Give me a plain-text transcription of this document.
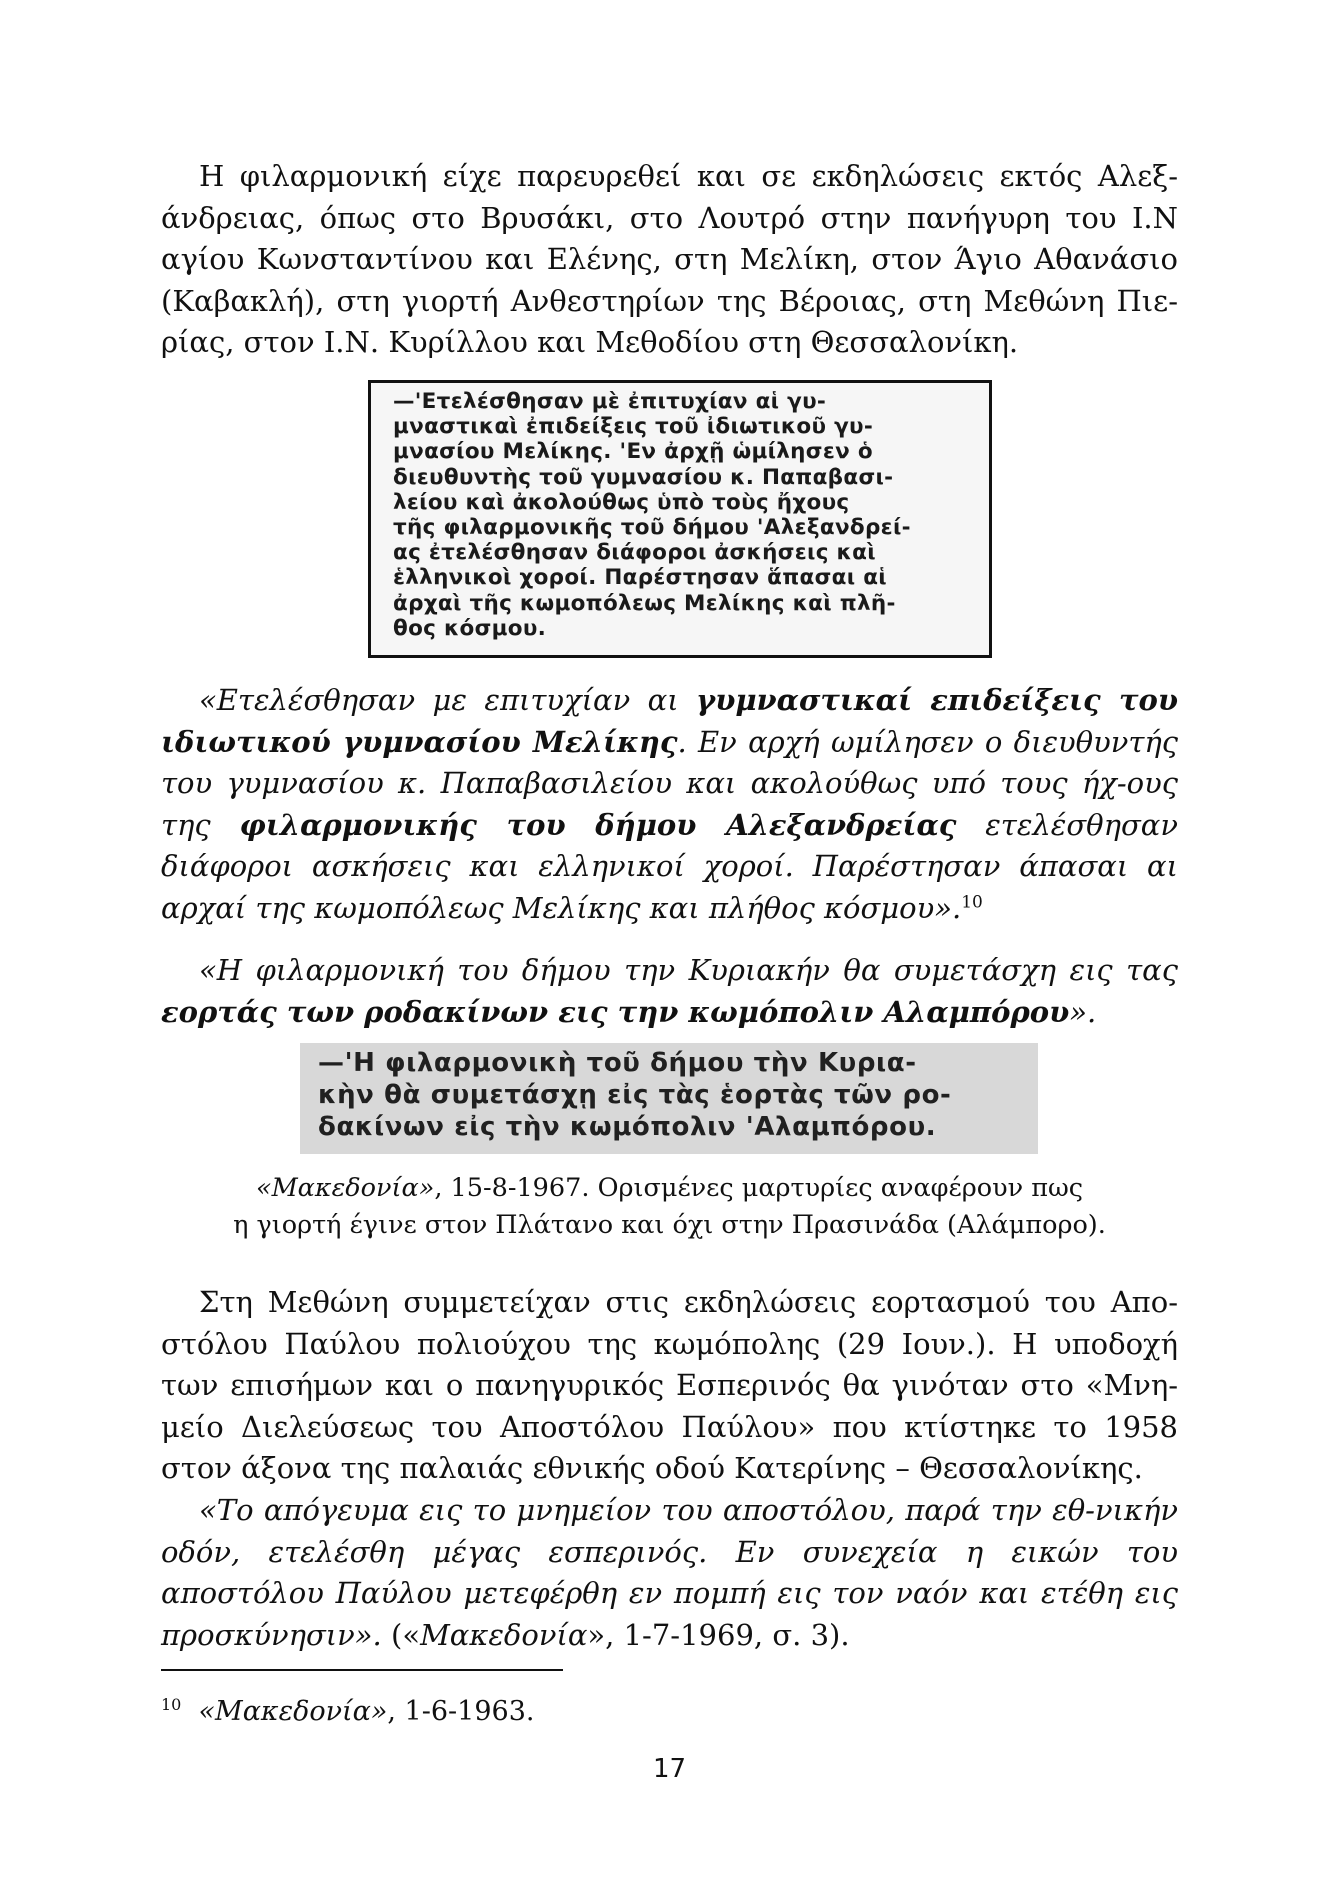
Η φιλαρμονική είχε παρευρεθεί και σε εκδηλώσεις εκτός Αλεξ-
άνδρειας, όπως στο Βρυσάκι, στο Λουτρό στην πανήγυρη του Ι.Ν
αγίου Κωνσταντίνου και Ελένης, στη Μελίκη, στον Άγιο Αθανάσιο
(Καβακλή), στη γιορτή Ανθεστηρίων της Βέροιας, στη Μεθώνη Πιε-
ρίας, στον Ι.Ν. Κυρίλλου και Μεθοδίου στη Θεσσαλονίκη.
—'Ετελέσθησαν μὲ ἐπιτυχίαν αἱ γυ-
μναστικαὶ ἐπιδείξεις τοῦ ἰδιωτικοῦ γυ-
μνασίου Μελίκης. 'Εν ἀρχῇ ὡμίλησεν ὁ
διευθυντὴς τοῦ γυμνασίου κ. Παπαβασι-
λείου καὶ ἀκολούθως ὑπὸ τοὺς ἤχους
τῆς φιλαρμονικῆς τοῦ δήμου 'Αλεξανδρεί-
ας ἐτελέσθησαν διάφοροι ἀσκήσεις καὶ
ἑλληνικοὶ χοροί. Παρέστησαν ἅπασαι αἱ
ἀρχαὶ τῆς κωμοπόλεως Μελίκης καὶ πλῆ-
θος κόσμου.

«Ετελέσθησαν με επιτυχίαν αι γυμναστικαί επιδείξεις του ιδιωτικού γυμνασίου Μελίκης. Εν αρχή ωμίλησεν ο διευθυντής του γυμνασίου κ. Παπαβασιλείου και ακολούθως υπό τους ήχ-ους της φιλαρμονικής του δήμου Αλεξανδρείας ετελέσθησαν διάφοροι ασκήσεις και ελληνικοί χοροί. Παρέστησαν άπασαι αι αρχαί της κωμοπόλεως Μελίκης και πλήθος κόσμου».$^{10}$

«Η φιλαρμονική του δήμου την Κυριακήν θα συμετάσχη εις τας εορτάς των ροδακίνων εις την κωμόπολιν Αλαμπόρου».

—'Η φιλαρμονικὴ τοῦ δήμου τὴν Κυρια-
κὴν θὰ συμετάσχῃ εἰς τὰς ἑορτὰς τῶν ρο-
δακίνων εἰς τὴν κωμόπολιν 'Αλαμπόρου.
«Μακεδονία», 15-8-1967. Ορισμένες μαρτυρίες αναφέρουν πως
η γιορτή έγινε στον Πλάτανο και όχι στην Πρασινάδα (Αλάμπορο).

Στη Μεθώνη συμμετείχαν στις εκδηλώσεις εορτασμού του Απο-στόλου Παύλου πολιούχου της κωμόπολης (29 Ιουν.). Η υποδοχή των επισήμων και ο πανηγυρικός Εσπερινός θα γινόταν στο «Μνη-μείο Διελεύσεως του Αποστόλου Παύλου» που κτίστηκε το 1958 στον άξονα της παλαιάς εθνικής οδού Κατερίνης – Θεσσαλονίκης.

«Το απόγευμα εις το μνημείον του αποστόλου, παρά την εθ-νικήν οδόν, ετελέσθη μέγας εσπερινός. Εν συνεχεία η εικών του αποστόλου Παύλου μετεφέρθη εν πομπή εις τον ναόν και ετέθη εις προσκύνησιν». («Μακεδονία», 1-7-1969, σ. 3).

$^{10}$ «Μακεδονία», 1-6-1963.
17
